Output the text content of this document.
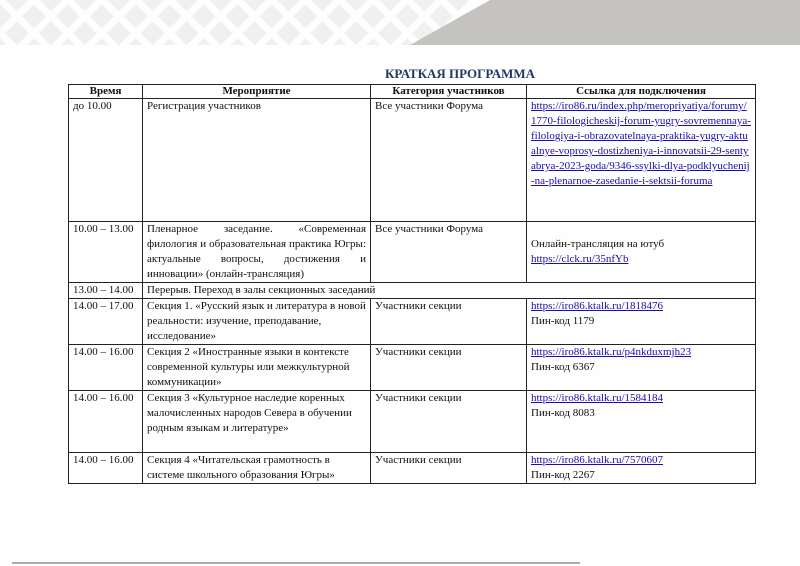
КРАТКАЯ ПРОГРАММА
Время	Мероприятие	Категория участников	Ссылка для подключения
до 10.00	Регистрация участников	Все участники Форума	https://iro86.ru/index.php/meropriyatiya/forumy/1770-filologicheskij-forum-yugry-sovremennaya-filologiya-i-obrazovatelnaya-praktika-yugry-aktualnye-voprosy-dostizheniya-i-innovatsii-29-sentyabrya-2023-goda/9346-ssylki-dlya-podklyuchenij-na-plenarnoe-zasedanie-i-sektsii-foruma
10.00 – 13.00	Пленарное заседание. «Современная филология и образовательная практика Югры: актуальные вопросы, достижения и инновации» (онлайн-трансляция)	Все участники Форума	Онлайн-трансляция на ютуб
https://clck.ru/35nfYb
13.00 – 14.00	Перерыв. Переход в залы секционных заседаний		
14.00 – 17.00	Секция 1. «Русский язык и литература в новой реальности: изучение, преподавание, исследование»	Участники секции	https://iro86.ktalk.ru/1818476
Пин-код 1179

14.00 – 16.00	Секция 2 «Иностранные языки в контексте современной культуры или межкультурной коммуникации»	Участники секции	https://iro86.ktalk.ru/p4nkduxmjh23
Пин-код 6367

14.00 – 16.00	Секция 3 «Культурное наследие коренных малочисленных народов Севера в обучении родным языкам и литературе»	Участники секции	https://iro86.ktalk.ru/1584184
Пин-код 8083

14.00 – 16.00	Секция 4 «Читательская грамотность в системе школьного образования Югры»	Участники секции	https://iro86.ktalk.ru/7570607
Пин-код 2267
